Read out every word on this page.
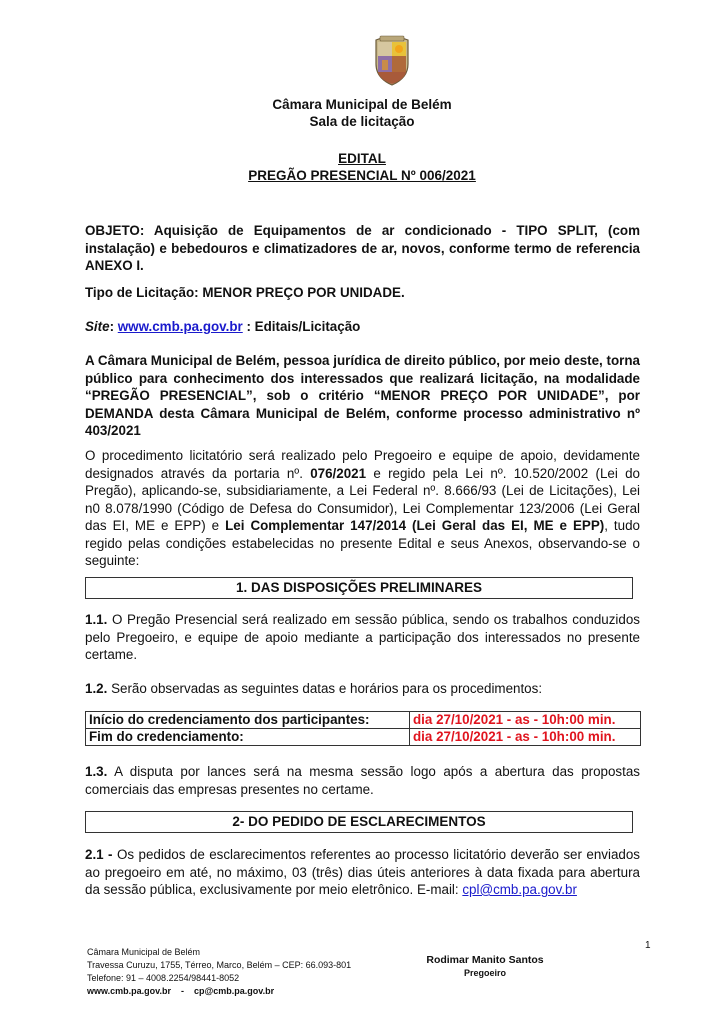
Câmara Municipal de Belém
Sala de licitação
EDITAL
PREGÃO PRESENCIAL Nº 006/2021
OBJETO: Aquisição de Equipamentos de ar condicionado - TIPO SPLIT, (com instalação) e bebedouros e climatizadores de ar, novos, conforme termo de referencia ANEXO I.
Tipo de Licitação: MENOR PREÇO POR UNIDADE.
Site: www.cmb.pa.gov.br : Editais/Licitação
A Câmara Municipal de Belém, pessoa jurídica de direito público, por meio deste, torna público para conhecimento dos interessados que realizará licitação, na modalidade “PREGÃO PRESENCIAL”, sob o critério “MENOR PREÇO POR UNIDADE”, por DEMANDA desta Câmara Municipal de Belém, conforme processo administrativo nº 403/2021
O procedimento licitatório será realizado pelo Pregoeiro e equipe de apoio, devidamente designados através da portaria nº. 076/2021 e regido pela Lei nº. 10.520/2002 (Lei do Pregão), aplicando-se, subsidiariamente, a Lei Federal nº. 8.666/93 (Lei de Licitações), Lei n0 8.078/1990 (Código de Defesa do Consumidor), Lei Complementar 123/2006 (Lei Geral das EI, ME e EPP) e Lei Complementar 147/2014 (Lei Geral das EI, ME e EPP), tudo regido pelas condições estabelecidas no presente Edital e seus Anexos, observando-se o seguinte:
1. DAS DISPOSIÇÕES PRELIMINARES
1.1. O Pregão Presencial será realizado em sessão pública, sendo os trabalhos conduzidos pelo Pregoeiro, e equipe de apoio mediante a participação dos interessados no presente certame.
1.2. Serão observadas as seguintes datas e horários para os procedimentos:
Início do credenciamento dos participantes:	dia 27/10/2021 - as - 10h:00 min.
Fim do credenciamento:	dia 27/10/2021 - as - 10h:00 min.
1.3. A disputa por lances será na mesma sessão logo após a abertura das propostas comerciais das empresas presentes no certame.
2- DO PEDIDO DE ESCLARECIMENTOS
2.1 - Os pedidos de esclarecimentos referentes ao processo licitatório deverão ser enviados ao pregoeiro em até, no máximo, 03 (três) dias úteis anteriores à data fixada para abertura da sessão pública, exclusivamente por meio eletrônico. E-mail: cpl@cmb.pa.gov.br
Câmara Municipal de Belém
Travessa Curuzu, 1755, Térreo, Marco, Belém – CEP: 66.093-801
Telefone: 91 – 4008.2254/98441-8052
www.cmb.pa.gov.br    -    cp@cmb.pa.gov.br
Rodimar Manito Santos
Pregoeiro
1
